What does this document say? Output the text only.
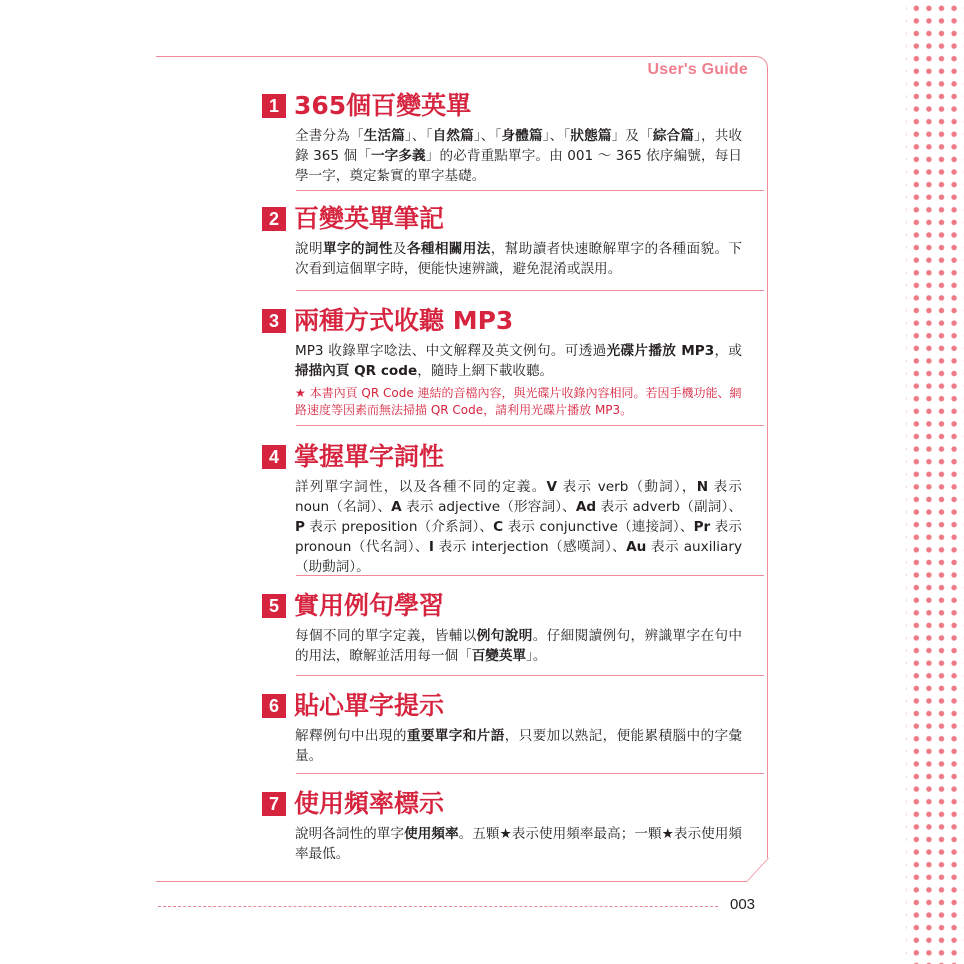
User's Guide
1 365個百變英單
全書分為「生活篇」、「自然篇」、「身體篇」、「狀態篇」及「綜合篇」，共收錄 365 個「一字多義」的必背重點單字。由 001 ～ 365 依序編號，每日學一字，奠定紮實的單字基礎。
2 百變英單筆記
說明單字的詞性及各種相關用法，幫助讀者快速瞭解單字的各種面貌。下次看到這個單字時，便能快速辨識，避免混淆或誤用。
3 兩種方式收聽 MP3
MP3 收錄單字唸法、中文解釋及英文例句。可透過光碟片播放 MP3，或掃描內頁 QR code，隨時上網下載收聽。
★ 本書內頁 QR Code 連結的音檔內容，與光碟片收錄內容相同。若因手機功能、網路速度等因素而無法掃描 QR Code，請利用光碟片播放 MP3。
4 掌握單字詞性
詳列單字詞性，以及各種不同的定義。V 表示 verb（動詞），N 表示 noun（名詞）、A 表示 adjective（形容詞）、Ad 表示 adverb（副詞）、P 表示 preposition（介系詞）、C 表示 conjunctive（連接詞）、Pr 表示 pronoun（代名詞）、I 表示 interjection（感嘆詞）、Au 表示 auxiliary（助動詞）。
5 實用例句學習
每個不同的單字定義，皆輔以例句說明。仔細閱讀例句，辨識單字在句中的用法，瞭解並活用每一個「百變英單」。
6 貼心單字提示
解釋例句中出現的重要單字和片語，只要加以熟記，便能累積腦中的字彙量。
7 使用頻率標示
說明各詞性的單字使用頻率。五顆★表示使用頻率最高；一顆★表示使用頻率最低。
003
